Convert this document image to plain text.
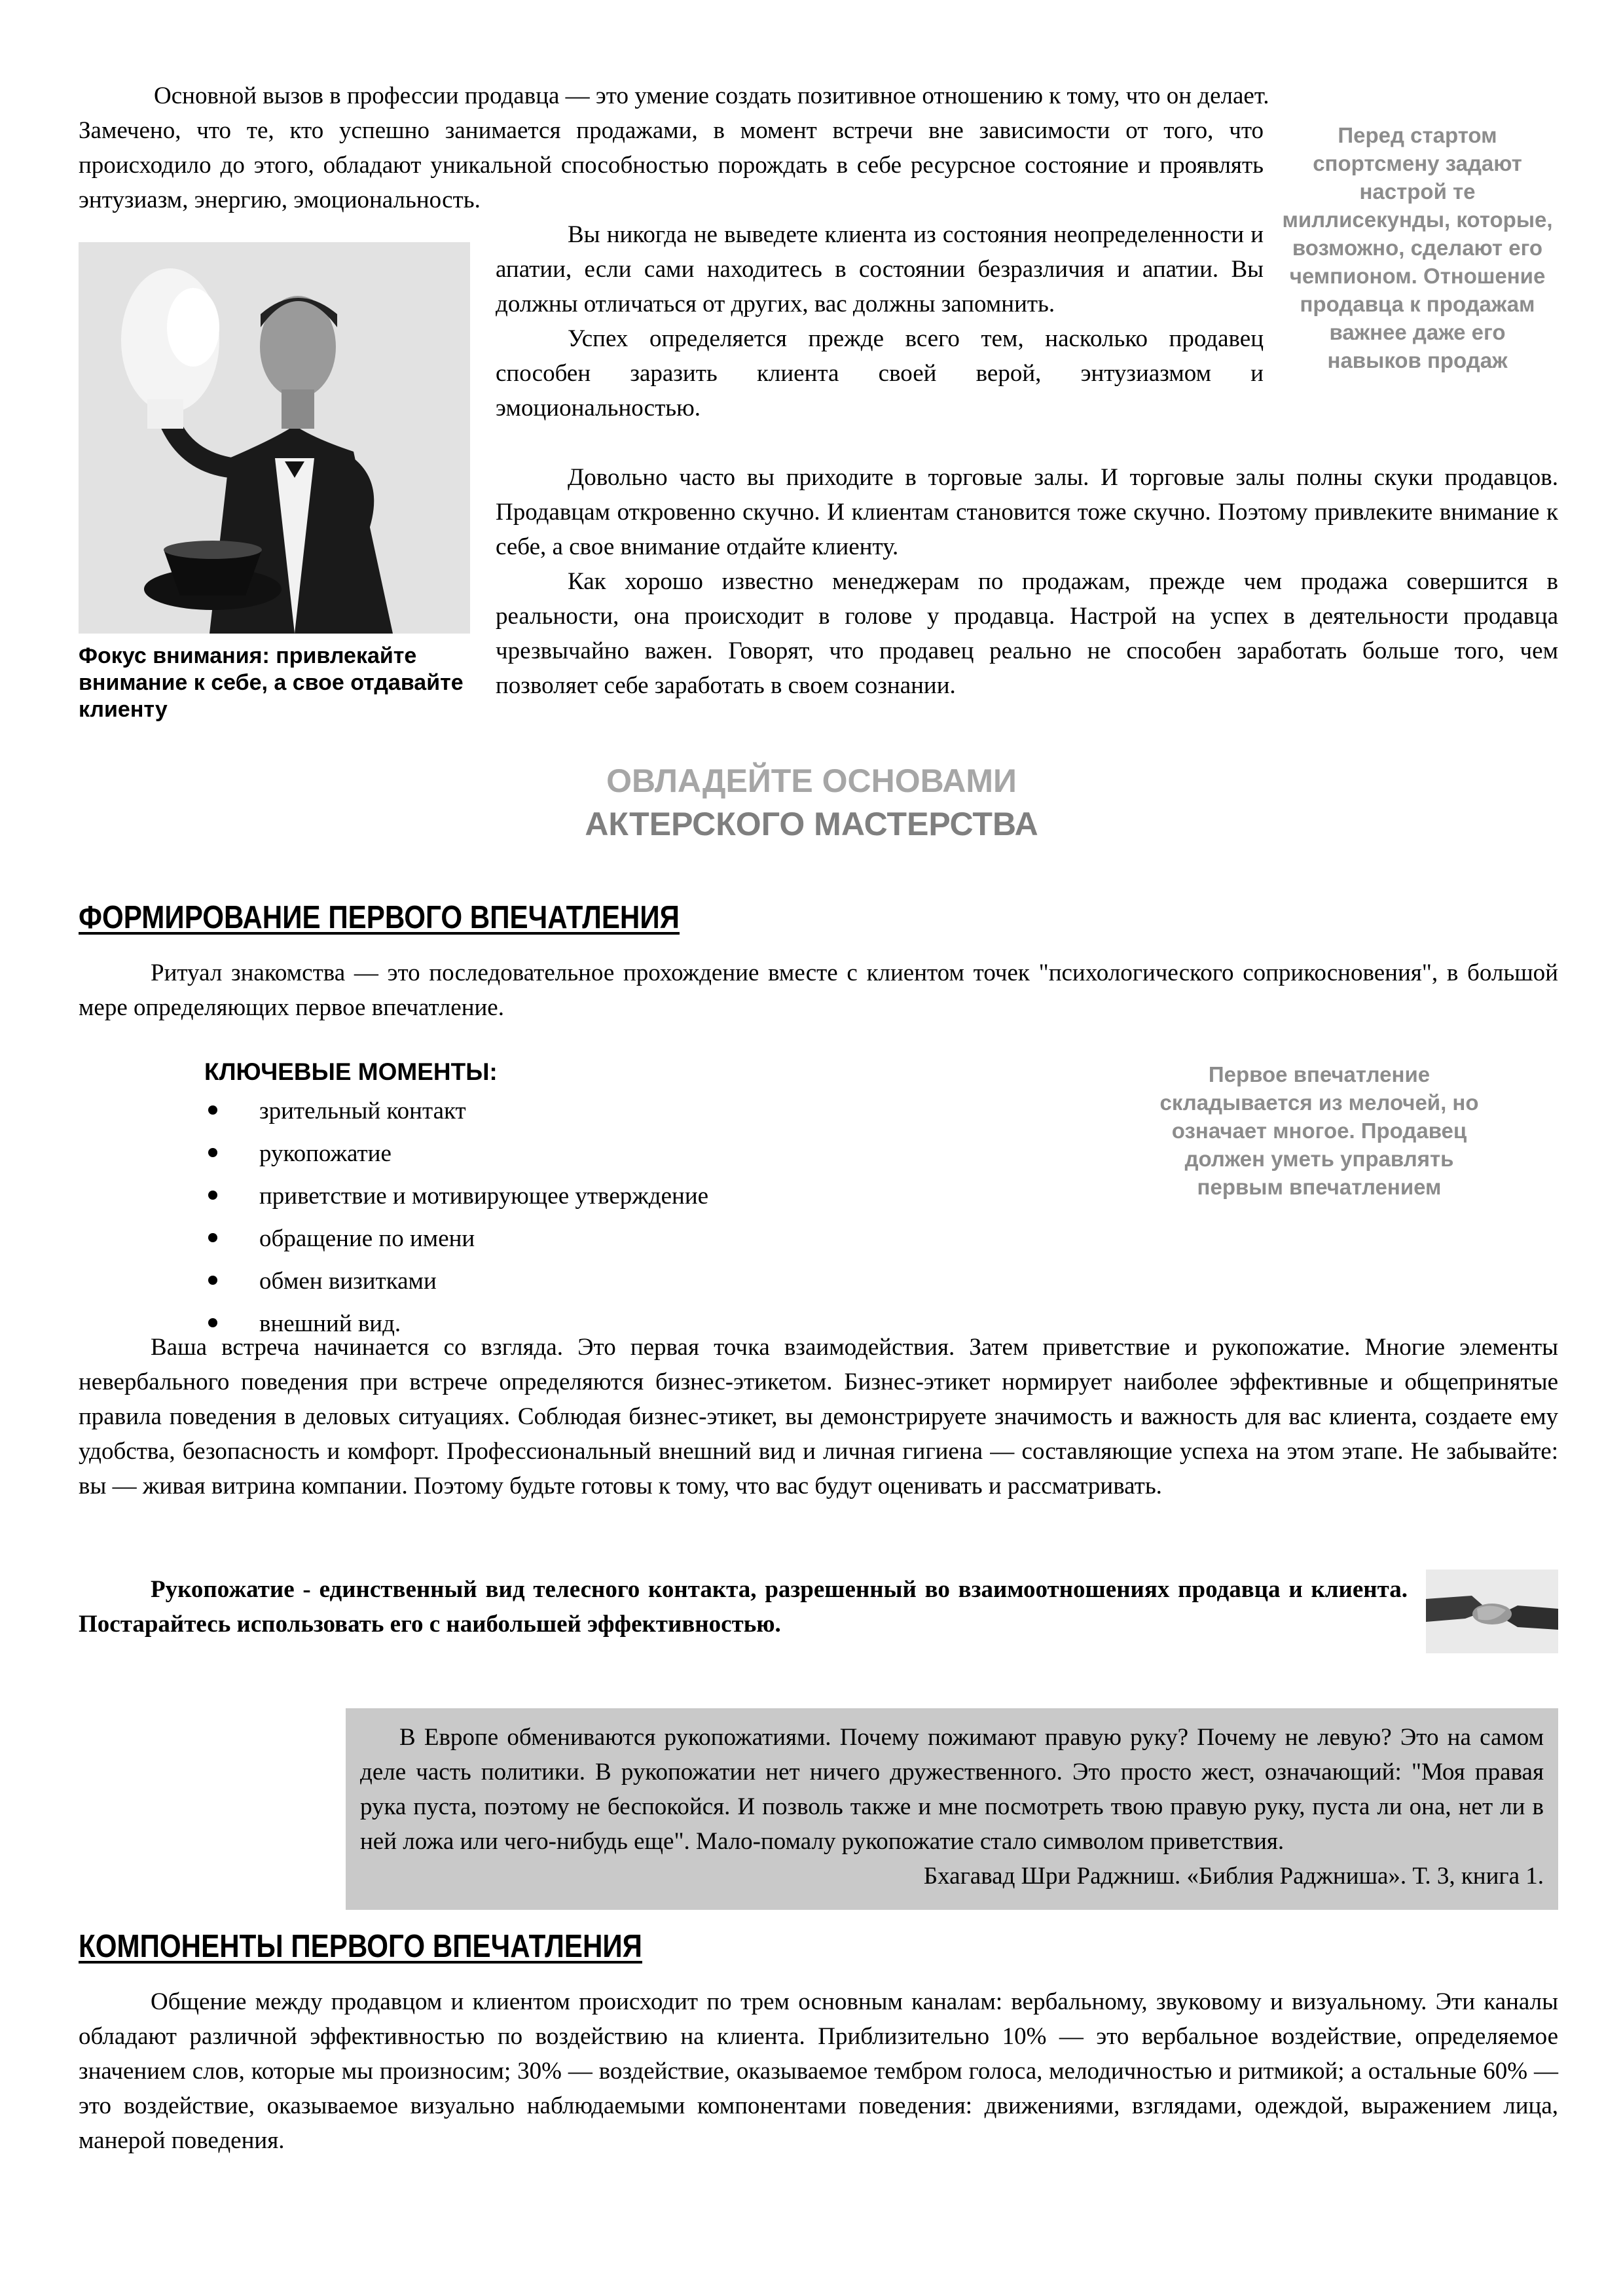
Основной вызов в профессии продавца — это умение создать позитивное отношению к тому, что он делает.

Замечено, что те, кто успешно занимается продажами, в момент встречи вне зависимости от того, что происходило до этого, обладают уникальной способностью порождать в себе ресурсное состояние и проявлять энтузиазм, энергию, эмоциональность.

Перед стартом спортсмену задают настрой те миллисекунды, которые, возможно, сделают его чемпионом. Отношение продавца к продажам важнее даже его навыков продаж
Фокус внимания: привлекайте внимание к себе, а свое отдавайте клиенту

Вы никогда не выведете клиента из состояния неопределенности и апатии, если сами находитесь в состоянии безразличия и апатии. Вы должны отличаться от других, вас должны запомнить.

Успех определяется прежде всего тем, насколько продавец способен заразить клиента своей верой, энтузиазмом и эмоциональностью.

Довольно часто вы приходите в торговые залы. И торговые залы полны скуки продавцов. Продавцам откровенно скучно. И клиентам становится тоже скучно. Поэтому привлеките внимание к себе, а свое внимание отдайте клиенту.

Как хорошо известно менеджерам по продажам, прежде чем продажа совершится в реальности, она происходит в голове у продавца. Настрой на успех в деятельности продавца чрезвычайно важен. Говорят, что продавец реально не способен заработать больше того, чем позволяет себе заработать в своем сознании.

ОВЛАДЕЙТЕ ОСНОВАМИ
АКТЕРСКОГО МАСТЕРСТВА
ФОРМИРОВАНИЕ ПЕРВОГО ВПЕЧАТЛЕНИЯ

Ритуал знакомства — это последовательное прохождение вместе с клиентом точек "психологического соприкосновения", в большой мере определяющих первое впечатление.

КЛЮЧЕВЫЕ МОМЕНТЫ:
зрительный контакт
рукопожатие
приветствие и мотивирующее утверждение
обращение по имени
обмен визитками
внешний вид.
Первое впечатление складывается из мелочей, но означает многое. Продавец должен уметь управлять первым впечатлением

Ваша встреча начинается со взгляда. Это первая точка взаимодействия. Затем приветствие и рукопожатие. Многие элементы невербального поведения при встрече определяются бизнес-этикетом. Бизнес-этикет нормирует наиболее эффективные и общепринятые правила поведения в деловых ситуациях. Соблюдая бизнес-этикет, вы демонстрируете значимость и важность для вас клиента, создаете ему удобства, безопасность и комфорт. Профессиональный внешний вид и личная гигиена — составляющие успеха на этом этапе. Не забывайте: вы — живая витрина компании. Поэтому будьте готовы к тому, что вас будут оценивать и рассматривать.

Рукопожатие - единственный вид телесного контакта, разрешенный во взаимоотношениях продавца и клиента. Постарайтесь использовать его с наибольшей эффективностью.

В Европе обмениваются рукопожатиями. Почему пожимают правую руку? Почему не левую? Это на самом деле часть политики. В рукопожатии нет ничего дружественного. Это просто жест, означающий: "Моя правая рука пуста, поэтому не беспокойся. И позволь также и мне посмотреть твою правую руку, пуста ли она, нет ли в ней ложа или чего-нибудь еще". Мало-помалу рукопожатие стало символом приветствия.

Бхагавад Шри Раджниш. «Библия Раджниша». Т. 3, книга 1.

КОМПОНЕНТЫ ПЕРВОГО ВПЕЧАТЛЕНИЯ

Общение между продавцом и клиентом происходит по трем основным каналам: вербальному, звуковому и визуальному. Эти каналы обладают различной эффективностью по воздействию на клиента. Приблизительно 10% — это вербальное воздействие, определяемое значением слов, которые мы произносим; 30% — воздействие, оказываемое тембром голоса, мелодичностью и ритмикой; а остальные 60% — это воздействие, оказываемое визуально наблюдаемыми компонентами поведения: движениями, взглядами, одеждой, выражением лица, манерой поведения.
